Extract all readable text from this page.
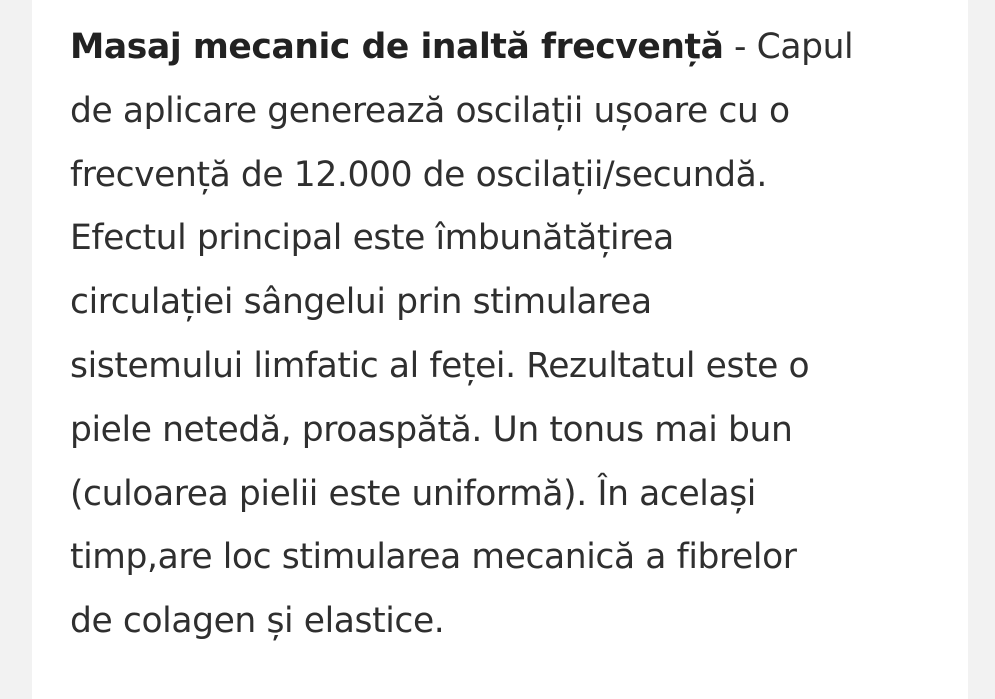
Masaj mecanic de inaltă frecvență - Capul
de aplicare generează oscilații ușoare cu o
frecvență de 12.000 de oscilații/secundă.
Efectul principal este îmbunătățirea
circulației sângelui prin stimularea
sistemului limfatic al feței. Rezultatul este o
piele netedă, proaspătă. Un tonus mai bun
(culoarea pielii este uniformă). În același
timp,are loc stimularea mecanică a fibrelor
de colagen și elastice.
